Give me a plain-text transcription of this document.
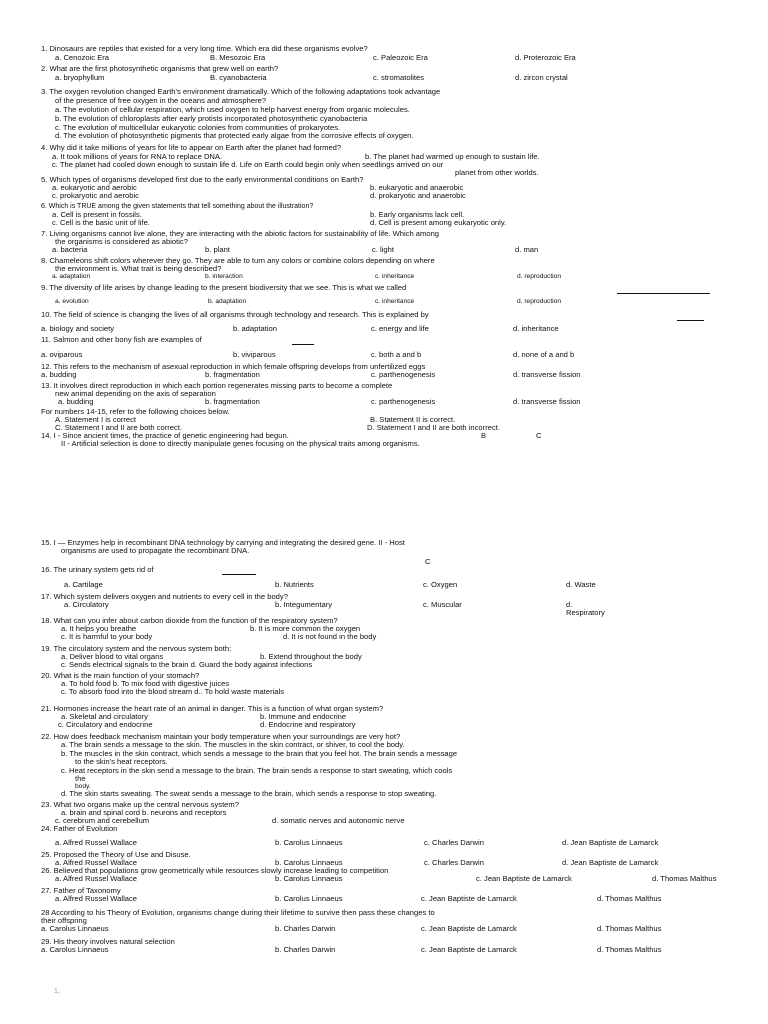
1. Dinosaurs are reptiles that existed for a very long time. Which era did these organisms evolve?
a. Cenozoic Era	B. Mesozoic Era	c. Paleozoic Era	d. Proterozoic Era
2. What are the first photosynthetic organisms that grew well on earth?
a. bryophyllum	B. cyanobacteria	c. stromatolites	d. zircon crystal
3. The oxygen revolution changed Earth's environment dramatically. Which of the following adaptations took advantage
of the presence of free oxygen in the oceans and atmosphere?
a. The evolution of cellular respiration, which used oxygen to help harvest energy from organic molecules.
b. The evolution of chloroplasts after early protists incorporated photosynthetic cyanobacteria
c. The evolution of multicellular eukaryotic colonies from communities of prokaryotes.
d. The evolution of photosynthetic pigments that protected early algae from the corrosive effects of oxygen.
4. Why did it take millions of years for life to appear on Earth after the planet had formed?
a. It took millions of years for RNA to replace DNA.	b. The planet had warmed up enough to sustain life.
c. The planet had cooled down enough to sustain life d. Life on Earth could begin only when seedlings arrived on our
planet from other worlds.
5. Which types of organisms developed first due to the early environmental conditions on Earth?
a. eukaryotic and aerobic	b. eukaryotic and anaerobic
c. prokaryotic and aerobic	d. prokaryotic and anaerobic
6. Which is TRUE among the given statements that tell something about the illustration?
a. Cell is present in fossils.	b. Early organisms lack cell.
c. Cell is the basic unit of life.	d. Cell is present among eukaryotic only.
7. Living organisms cannot live alone, they are interacting with the abiotic factors for sustainability of life. Which among
the organisms is considered as abiotic?
a. bacteria	b. plant	c. light	d. man
8. Chameleons shift colors wherever they go. They are able to turn any colors or combine colors depending on where
the environment is. What trait is being described?
a. adaptation	b. interaction	c. inheritance	d. reproduction
9. The diversity of life arises by change leading to the present biodiversity that we see. This is what we called
a. evolution	b. adaptation	c. inheritance	d. reproduction
10. The field of science is changing the lives of all organisms through technology and research. This is explained by
a. biology and society	b. adaptation	c. energy and life	d. inheritance
11. Salmon and other bony fish are examples of
a. oviparous	b. viviparous	c. both a and b	d. none of a and b
12. This refers to the mechanism of asexual reproduction in which female offspring develops from unfertilized eggs
a. budding	b. fragmentation	c. parthenogenesis	d. transverse fission
13. It involves direct reproduction in which each portion regenerates missing parts to become a complete
new animal depending on the axis of separation
a. budding	b. fragmentation	c. parthenogenesis	d. transverse fission
For numbers 14-15, refer to the following choices below.
A. Statement I is correct	B. Statement II is correct.
C. Statement I and II are both correct.	D. Statement I and II are both incorrect.
14. I - Since ancient times, the practice of genetic engineering had begun.	B	C
II - Artificial selection is done to directly manipulate genes focusing on the physical traits among organisms.
15. I — Enzymes help in recombinant DNA technology by carrying and integrating the desired gene. II - Host
organisms are used to propagate the recombinant DNA.
C
16. The urinary system gets rid of
a. Cartilage	b. Nutrients	c. Oxygen	d. Waste
17. Which system delivers oxygen and nutrients to every cell in the body?
a. Circulatory	b. Integumentary	c. Muscular	d.
Respiratory
18. What can you infer about carbon dioxide from the function of the respiratory system?
a. It helps you breathe	b. It is more common the oxygen
c. It is harmful to your body	d. It is not found in the body
19. The circulatory system and the nervous system both:
a. Deliver blood to vital organs	b. Extend throughout the body
c. Sends electrical signals to the brain d. Guard the body against infections
20. What is the main function of your stomach?
a. To hold food b. To mix food with digestive juices
c. To absorb food into the blood stream d.. To hold waste materials
21. Hormones increase the heart rate of an animal in danger. This is a function of what organ system?
a. Skeletal and circulatory	b. Immune and endocrine
c. Circulatory and endocrine	d. Endocrine and respiratory
22. How does feedback mechanism maintain your body temperature when your surroundings are very hot?
a. The brain sends a message to the skin. The muscles in the skin contract, or shiver, to cool the body.
b. The muscles in the skin contract, which sends a message to the brain that you feel hot. The brain sends a message
to the skin's heat receptors.
c. Heat receptors in the skin send a message to the brain. The brain sends a response to start sweating, which cools
the
body.
d. The skin starts sweating. The sweat sends a message to the brain, which sends a response to stop sweating.
23. What two organs make up the central nervous system?
a. brain and spinal cord b. neurons and receptors
c. cerebrum and cerebellum	d. somatic nerves and autonomic nerve
24. Father of Evolution
a. Alfred Russel Wallace	b. Carolus Linnaeus	c. Charles Darwin	d. Jean Baptiste de Lamarck
25. Proposed the Theory of Use and Disuse.
a. Alfred Russel Wallace	b. Carolus Linnaeus	c. Charles Darwin	d. Jean Baptiste de Lamarck
26. Believed that populations grow geometrically while resources slowly increase leading to competition
a. Alfred Russel Wallace	b. Carolus Linnaeus	c. Jean Baptiste de Lamarck	d. Thomas Malthus
27. Father of Taxonomy
a. Alfred Russel Wallace	b. Carolus Linnaeus	c. Jean Baptiste de Lamarck	d. Thomas Malthus
28 According to his Theory of Evolution, organisms change during their lifetime to survive then pass these changes to
their offspring
a. Carolus Linnaeus	b. Charles Darwin	c. Jean Baptiste de Lamarck	d. Thomas Malthus
29. His theory involves natural selection
a. Carolus Linnaeus	b. Charles Darwin	c. Jean Baptiste de Lamarck	d. Thomas Malthus
1,
